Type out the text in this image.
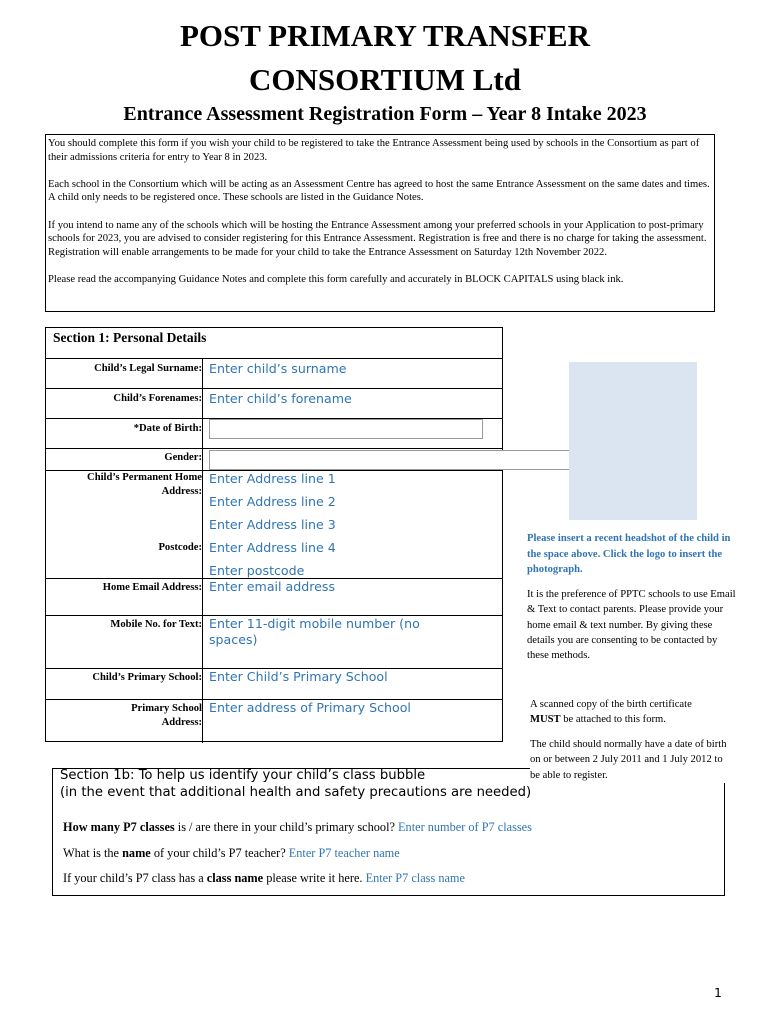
POST PRIMARY TRANSFER
CONSORTIUM Ltd
Entrance Assessment Registration Form – Year 8 Intake 2023

You should complete this form if you wish your child to be registered to take the Entrance Assessment being used by schools in the Consortium as part of their admissions criteria for entry to Year 8 in 2023.

Each school in the Consortium which will be acting as an Assessment Centre has agreed to host the same Entrance Assessment on the same dates and times. A child only needs to be registered once. These schools are listed in the Guidance Notes.

If you intend to name any of the schools which will be hosting the Entrance Assessment among your preferred schools in your Application to post-primary schools for 2023, you are advised to consider registering for this Entrance Assessment. Registration is free and there is no charge for taking the assessment. Registration will enable arrangements to be made for your child to take the Entrance Assessment on Saturday 12th November 2022.

Please read the accompanying Guidance Notes and complete this form carefully and accurately in BLOCK CAPITALS using black ink.

Section 1: Personal Details
Child’s Legal Surname: Enter child’s surname
Child’s Forenames: Enter child’s forename
*Date of Birth:
Gender:
Child’s Permanent Home
Address:
Postcode:
Enter Address line 1
Enter Address line 2
Enter Address line 3
Enter Address line 4
Enter postcode
Home Email Address: Enter email address
Mobile No. for Text: Enter 11-digit mobile number (no
spaces)
Child’s Primary School: Enter Child’s Primary School
Primary School
Address:
Enter address of Primary School
Please insert a recent headshot of the child in the space above. Click the logo to insert the photograph.
It is the preference of PPTC schools to use Email & Text to contact parents. Please provide your home email & text number. By giving these details you are consenting to be contacted by these methods.
A scanned copy of the birth certificate
MUST be attached to this form.
Section 1b: To help us identify your child’s class bubble
(in the event that additional health and safety precautions are needed)
The child should normally have a date of birth on or between 2 July 2011 and 1 July 2012 to be able to register.
How many P7 classes is / are there in your child’s primary school? Enter number of P7 classes
What is the name of your child’s P7 teacher? Enter P7 teacher name
If your child’s P7 class has a class name please write it here. Enter P7 class name
1
